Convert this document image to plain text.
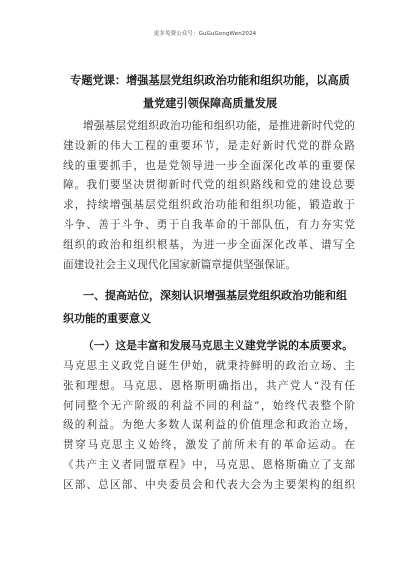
更多免费公众号：GuGuGongWen2024
专题党课：增强基层党组织政治功能和组织功能，以高质
量党建引领保障高质量发展
增强基层党组织政治功能和组织功能，是推进新时代党的
建设新的伟大工程的重要环节，是走好新时代党的群众路
线的重要抓手，也是党领导进一步全面深化改革的重要保
障。我们要坚决贯彻新时代党的组织路线和党的建设总要
求，持续增强基层党组织政治功能和组织功能，锻造敢于
斗争、善于斗争、勇于自我革命的干部队伍，有力夯实党
组织的政治和组织根基，为进一步全面深化改革、谱写全
面建设社会主义现代化国家新篇章提供坚强保证。
一、提高站位，深刻认识增强基层党组织政治功能和组
织功能的重要意义
（一）这是丰富和发展马克思主义建党学说的本质要求。
马克思主义政党自诞生伊始，就秉持鲜明的政治立场、主
张和理想。马克思、恩格斯明确指出，共产党人“没有任
何同整个无产阶级的利益不同的利益”，始终代表整个阶
级的利益。为绝大多数人谋利益的价值理念和政治立场，
贯穿马克思主义始终，激发了前所未有的革命运动。在
《共产主义者同盟章程》中，马克思、恩格斯确立了支部
区部、总区部、中央委员会和代表大会为主要架构的组织
